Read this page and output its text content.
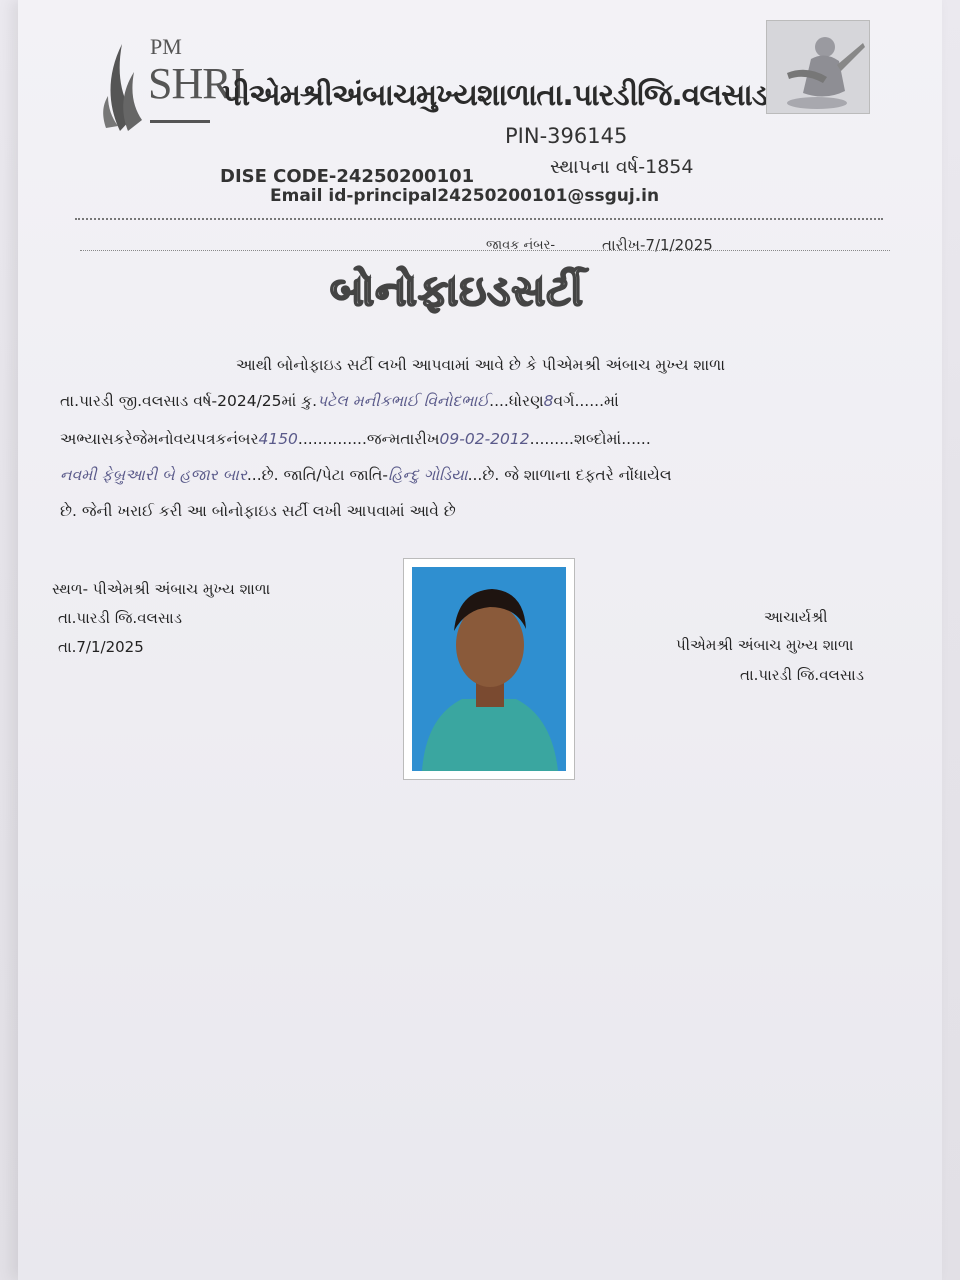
PM
SHRI
પીએમશ્રીઅંબાચમુખ્યશાળાતા.પારડીજિ.વલસાડ
PIN-396145
DISE CODE-24250200101	સ્થાપના વર્ષ-1854
Email id-principal24250200101@ssguj.in
જાવક નંબર-	તારીખ-7/1/2025
બોનોફાઇડસર્ટી
આથી બોનોફાઇડ સર્ટી લખી આપવામાં આવે છે કે પીએમશ્રી અંબાચ મુખ્ય શાળા
તા.પારડી જી.વલસાડ વર્ષ-2024/25માં કુ.પટેલ મનીકભાઈ વિનોદભાઈ....ધોરણ8વર્ગ......માં
અભ્યાસકરેજેમનોવયપત્રકનંબર4150..............જન્મતારીખ09-02-2012.........શબ્દોમાં......
નવમી ફેબ્રુઆરી બે હજાર બાર...છે. જાતિ/પેટા જાતિ-હિન્દુ ગોડિયા...છે. જે શાળાના દફતરે નોંધાયેલ
છે. જેની ખરાઈ કરી આ બોનોફાઇડ સર્ટી લખી આપવામાં આવે છે
સ્થળ- પીએમશ્રી અંબાચ મુખ્ય શાળા
તા.પારડી જિ.વલસાડ
તા.7/1/2025
આચાર્યશ્રી
પીએમશ્રી અંબાચ મુખ્ય શાળા
તા.પારડી જિ.વલસાડ
